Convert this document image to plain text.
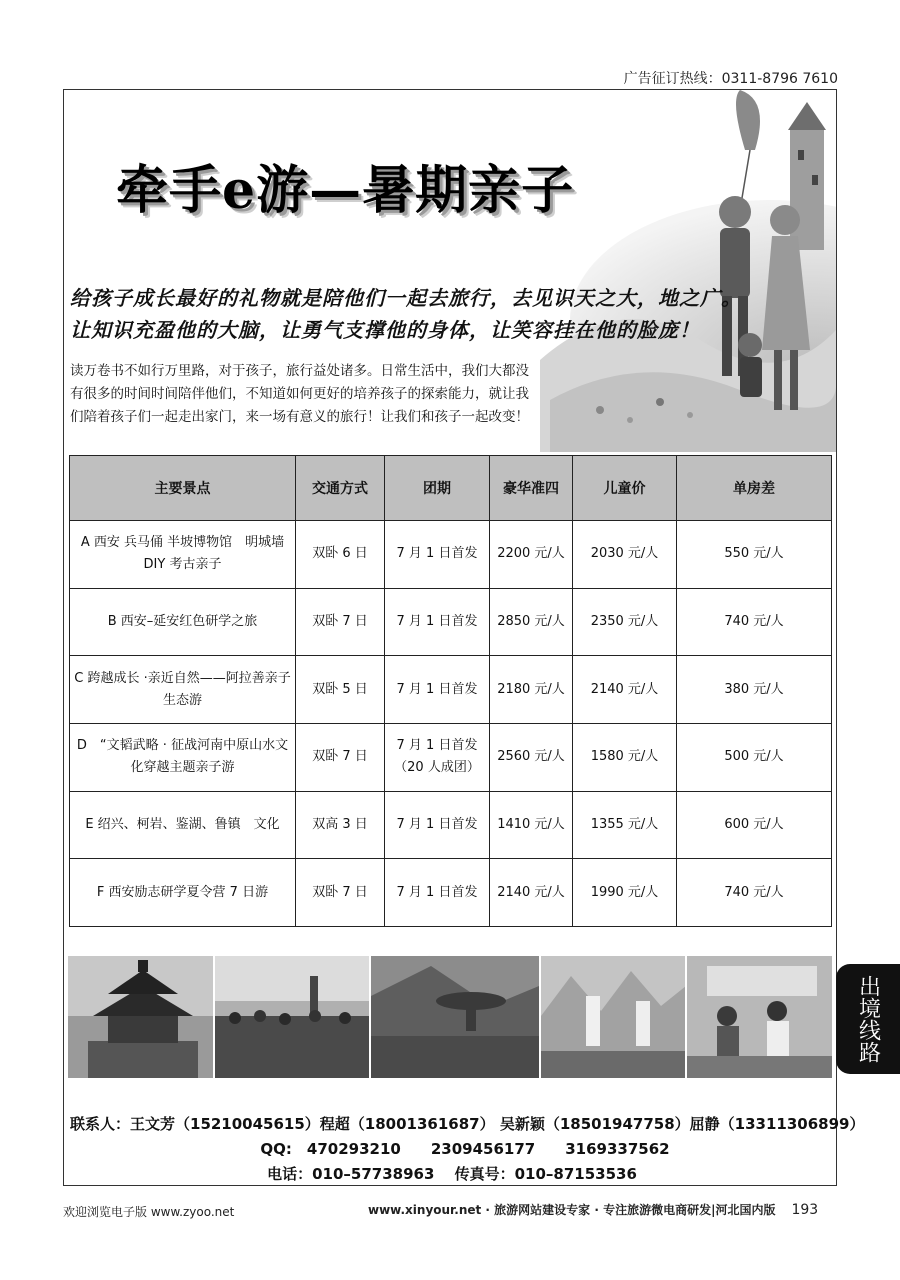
广告征订热线：0311-8796 7610
牵手e游—暑期亲子
给孩子成长最好的礼物就是陪他们一起去旅行，去见识天之大，地之广。
让知识充盈他的大脑，让勇气支撑他的身体，让笑容挂在他的脸庞！
读万卷书不如行万里路，对于孩子，旅行益处诸多。日常生活中，我们大都没有很多的时间时间陪伴他们，不知道如何更好的培养孩子的探索能力，就让我们陪着孩子们一起走出家门，来一场有意义的旅行！让我们和孩子一起改变！
主要景点	交通方式	团期	豪华准四	儿童价	单房差
A 西安 兵马俑 半坡博物馆　明城墙　DIY 考古亲子	双卧 6 日	7 月 1 日首发	2200 元/人	2030 元/人	550 元/人
B 西安–延安红色研学之旅	双卧 7 日	7 月 1 日首发	2850 元/人	2350 元/人	740 元/人
C 跨越成长 ·亲近自然——阿拉善亲子生态游	双卧 5 日	7 月 1 日首发	2180 元/人	2140 元/人	380 元/人
D　“文韬武略 · 征战河南中原山水文化穿越主题亲子游	双卧 7 日	7 月 1 日首发（20 人成团）	2560 元/人	1580 元/人	500 元/人
E 绍兴、柯岩、鉴湖、鲁镇　文化	双高 3 日	7 月 1 日首发	1410 元/人	1355 元/人	600 元/人
F 西安励志研学夏令营 7 日游	双卧 7 日	7 月 1 日首发	2140 元/人	1990 元/人	740 元/人
出境线路
联系人：王文芳（15210045615）程超（18001361687） 吴新颖（18501947758）屈静（13311306899）
QQ:　470293210　　2309456177　　3169337562
电话：010–57738963　 传真号：010–87153536
欢迎浏览电子版 www.zyoo.net	www.xinyour.net · 旅游网站建设专家 · 专注旅游微电商研发|河北国内版 193
